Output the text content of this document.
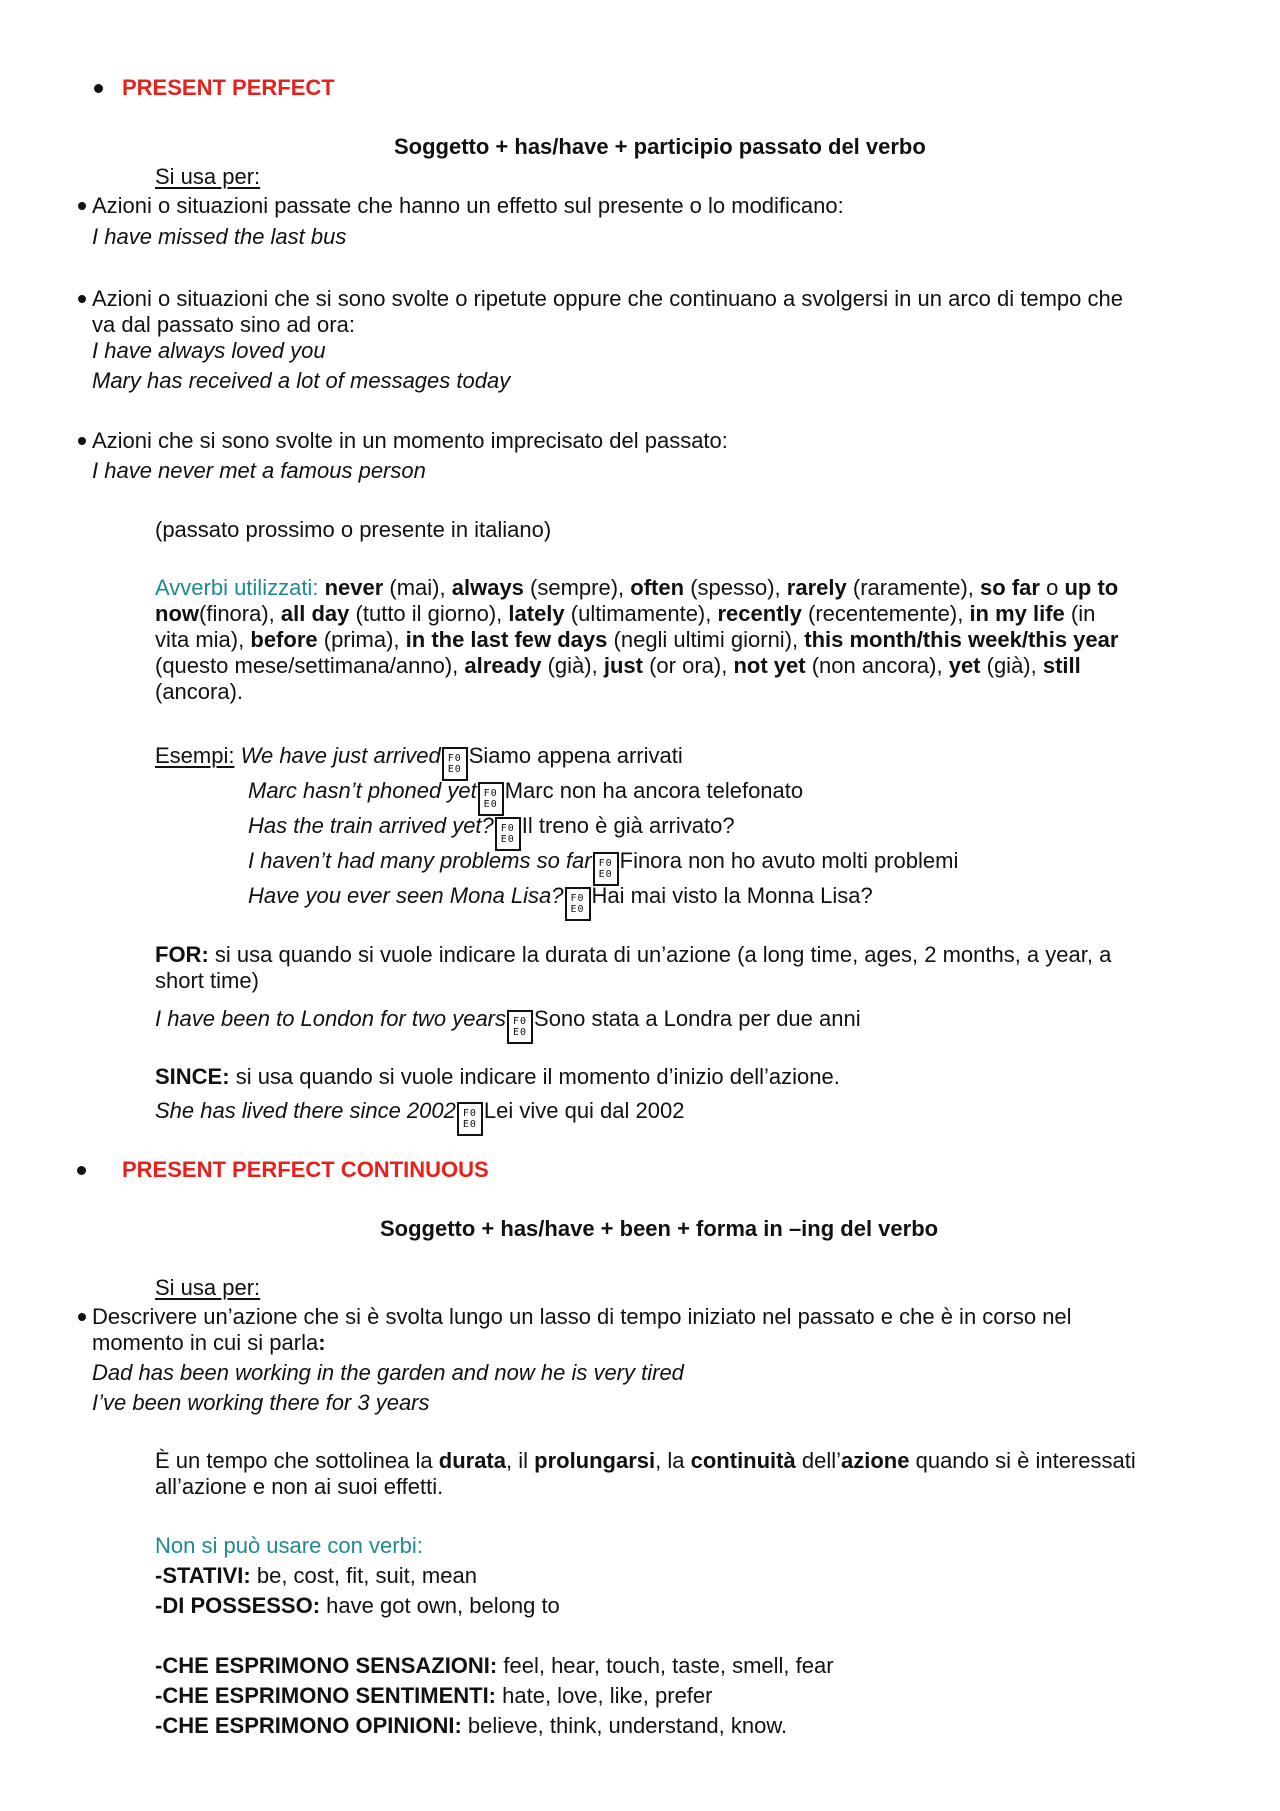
PRESENT PERFECT
Soggetto + has/have + participio passato del verbo
Si usa per:
Azioni o situazioni passate che hanno un effetto sul presente o lo modificano:
I have missed the last bus
Azioni o situazioni che si sono svolte o ripetute oppure che continuano a svolgersi in un arco di tempo che
va dal passato sino ad ora:
I have always loved you
Mary has received a lot of messages today
Azioni che si sono svolte in un momento imprecisato del passato:
I have never met a famous person
(passato prossimo o presente in italiano)
Avverbi utilizzati: never (mai), always (sempre), often (spesso), rarely (raramente), so far o up to
now(finora), all day (tutto il giorno), lately (ultimamente), recently (recentemente), in my life (in
vita mia), before (prima), in the last few days (negli ultimi giorni), this month/this week/this year
(questo mese/settimana/anno), already (già), just (or ora), not yet (non ancora), yet (già), still
(ancora).
Esempi: We have just arrived F0
E0
Siamo appena arrivati
Marc hasn’t phoned yet F0
E0
Marc non ha ancora telefonato
Has the train arrived yet? F0
E0
Il treno è già arrivato?
I haven’t had many problems so far F0
E0
Finora non ho avuto molti problemi
Have you ever seen Mona Lisa? F0
E0
Hai mai visto la Monna Lisa?
FOR: si usa quando si vuole indicare la durata di un’azione (a long time, ages, 2 months, a year, a
short time)
I have been to London for two years F0
E0
Sono stata a Londra per due anni
SINCE: si usa quando si vuole indicare il momento d’inizio dell’azione.
She has lived there since 2002 F0
E0
Lei vive qui dal 2002
PRESENT PERFECT CONTINUOUS
Soggetto + has/have + been + forma in –ing del verbo
Si usa per:
Descrivere un’azione che si è svolta lungo un lasso di tempo iniziato nel passato e che è in corso nel
momento in cui si parla:
Dad has been working in the garden and now he is very tired
I’ve been working there for 3 years
È un tempo che sottolinea la durata, il prolungarsi, la continuità dell’azione quando si è interessati
all’azione e non ai suoi effetti.
Non si può usare con verbi:
-STATIVI: be, cost, fit, suit, mean
-DI POSSESSO: have got own, belong to
-CHE ESPRIMONO SENSAZIONI: feel, hear, touch, taste, smell, fear
-CHE ESPRIMONO SENTIMENTI: hate, love, like, prefer
-CHE ESPRIMONO OPINIONI: believe, think, understand, know.
